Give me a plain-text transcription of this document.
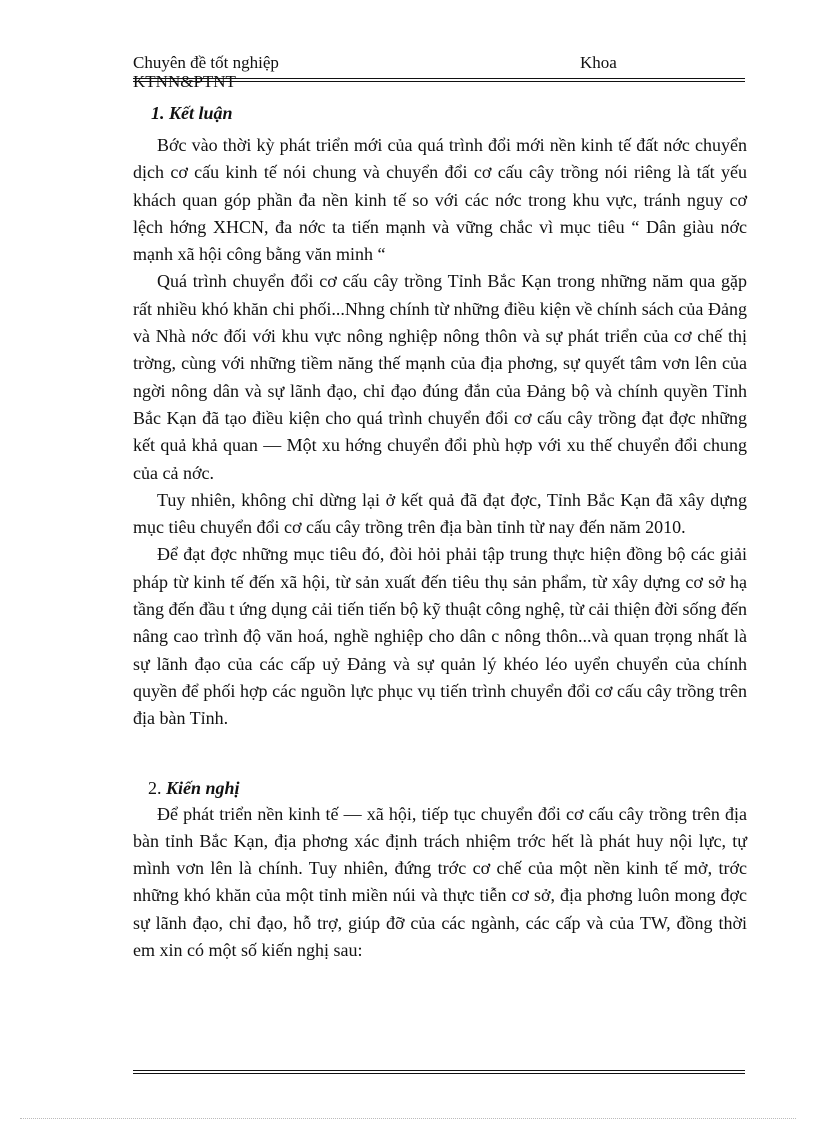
Chuyên đề tốt nghiệp	Khoa
KTNN&PTNT
1. Kết luận

Bớc vào thời kỳ phát triển mới của quá trình đổi mới nền kinh tế đất nớc chuyển dịch cơ cấu kinh tế nói chung và chuyển đổi cơ cấu cây trồng nói riêng là tất yếu khách quan góp phần đa nền kinh tế so với các nớc trong khu vực, tránh nguy cơ lệch hớng XHCN, đa nớc ta tiến mạnh và vững chắc vì mục tiêu “ Dân giàu nớc mạnh xã hội công bằng văn minh “

Quá trình chuyển đổi cơ cấu cây trồng Tỉnh Bắc Kạn trong những năm qua gặp rất nhiều khó khăn chi phối...Nhng chính từ những điều kiện về chính sách của Đảng và Nhà nớc đối với khu vực nông nghiệp nông thôn và sự phát triển của cơ chế thị trờng, cùng với những tiềm năng thế mạnh của địa phơng, sự quyết tâm vơn lên của ngời nông dân và sự lãnh đạo, chỉ đạo đúng đắn của Đảng bộ và chính quyền Tỉnh Bắc Kạn đã tạo điều kiện cho quá trình chuyển đổi cơ cấu cây trồng đạt đợc những kết quả khả quan — Một xu hớng chuyển đổi phù hợp với xu thế chuyển đổi chung của cả nớc.

Tuy nhiên, không chỉ dừng lại ở kết quả đã đạt đợc, Tỉnh Bắc Kạn đã xây dựng mục tiêu chuyển đổi cơ cấu cây trồng trên địa bàn tỉnh từ nay đến năm 2010.

Để đạt đợc những mục tiêu đó, đòi hỏi phải tập trung thực hiện đồng bộ các giải pháp từ kinh tế đến xã hội, từ sản xuất đến tiêu thụ sản phẩm, từ xây dựng cơ sở hạ tầng đến đầu t ứng dụng cải tiến tiến bộ kỹ thuật công nghệ, từ cải thiện đời sống đến nâng cao trình độ văn hoá, nghề nghiệp cho dân c nông thôn...và quan trọng nhất là sự lãnh đạo của các cấp uỷ Đảng và sự quản lý khéo léo uyển chuyển của chính quyền để phối hợp các nguồn lực phục vụ tiến trình chuyển đổi cơ cấu cây trồng trên địa bàn Tỉnh.

2. Kiến nghị

Để phát triển nền kinh tế — xã hội, tiếp tục chuyển đổi cơ cấu cây trồng trên địa bàn tỉnh Bắc Kạn, địa phơng xác định trách nhiệm trớc hết là phát huy nội lực, tự mình vơn lên là chính. Tuy nhiên, đứng trớc cơ chế của một nền kinh tế mở, trớc những khó khăn của một tỉnh miền núi và thực tiễn cơ sở, địa phơng luôn mong đợc sự lãnh đạo, chỉ đạo, hỗ trợ, giúp đỡ của các ngành, các cấp và của TW, đồng thời em xin có một số kiến nghị sau:
